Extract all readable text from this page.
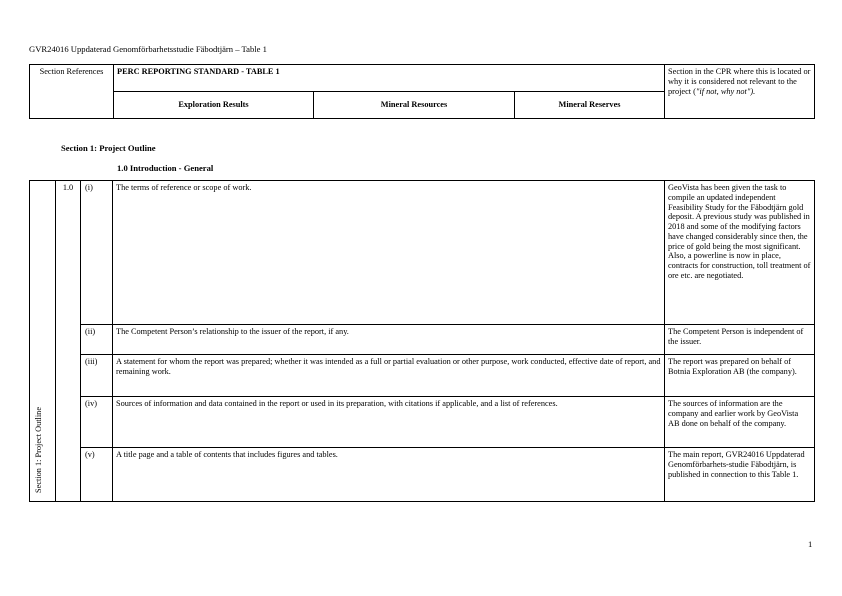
GVR24016 Uppdaterad Genomförbarhetsstudie Fäbodtjärn – Table 1
Section References	PERC REPORTING STANDARD - TABLE 1			Section in the CPR where this is located or why it is considered not relevant to the project ("if not, why not").
	Exploration Results	Mineral Resources	Mineral Reserves	
Section 1: Project Outline
1.0 Introduction - General
Section 1: Project Outline	1.0	(i)	The terms of reference or scope of work.	GeoVista has been given the task to compile an updated independent Feasibility Study for the Fäbodtjärn gold deposit. A previous study was published in 2018 and some of the modifying factors have changed considerably since then, the price of gold being the most significant. Also, a powerline is now in place, contracts for construction, toll treatment of ore etc. are negotiated.
		(ii)	The Competent Person’s relationship to the issuer of the report, if any.	The Competent Person is independent of the issuer.
		(iii)	A statement for whom the report was prepared; whether it was intended as a full or partial evaluation or other purpose, work conducted, effective date of report, and remaining work.	The report was prepared on behalf of Botnia Exploration AB (the company).
		(iv)	Sources of information and data contained in the report or used in its preparation, with citations if applicable, and a list of references.	The sources of information are the company and earlier work by GeoVista AB done on behalf of the company.
		(v)	A title page and a table of contents that includes figures and tables.	The main report, GVR24016 Uppdaterad Genomförbarhets-studie Fäbodtjärn, is published in connection to this Table 1.
1
